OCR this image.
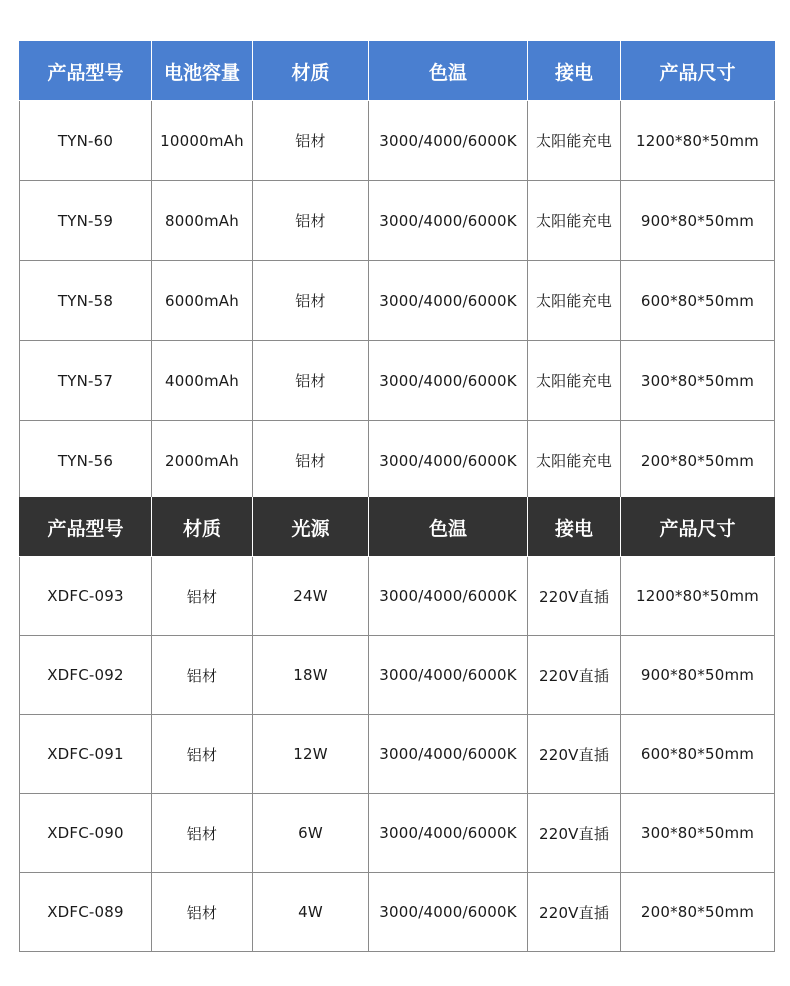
产品型号	电池容量	材质	色温	接电	产品尺寸
TYN-60	10000mAh	铝材	3000/4000/6000K	太阳能充电	1200*80*50mm
TYN-59	8000mAh	铝材	3000/4000/6000K	太阳能充电	900*80*50mm
TYN-58	6000mAh	铝材	3000/4000/6000K	太阳能充电	600*80*50mm
TYN-57	4000mAh	铝材	3000/4000/6000K	太阳能充电	300*80*50mm
TYN-56	2000mAh	铝材	3000/4000/6000K	太阳能充电	200*80*50mm
产品型号	材质	光源	色温	接电	产品尺寸
XDFC-093	铝材	24W	3000/4000/6000K	220V直插	1200*80*50mm
XDFC-092	铝材	18W	3000/4000/6000K	220V直插	900*80*50mm
XDFC-091	铝材	12W	3000/4000/6000K	220V直插	600*80*50mm
XDFC-090	铝材	6W	3000/4000/6000K	220V直插	300*80*50mm
XDFC-089	铝材	4W	3000/4000/6000K	220V直插	200*80*50mm
